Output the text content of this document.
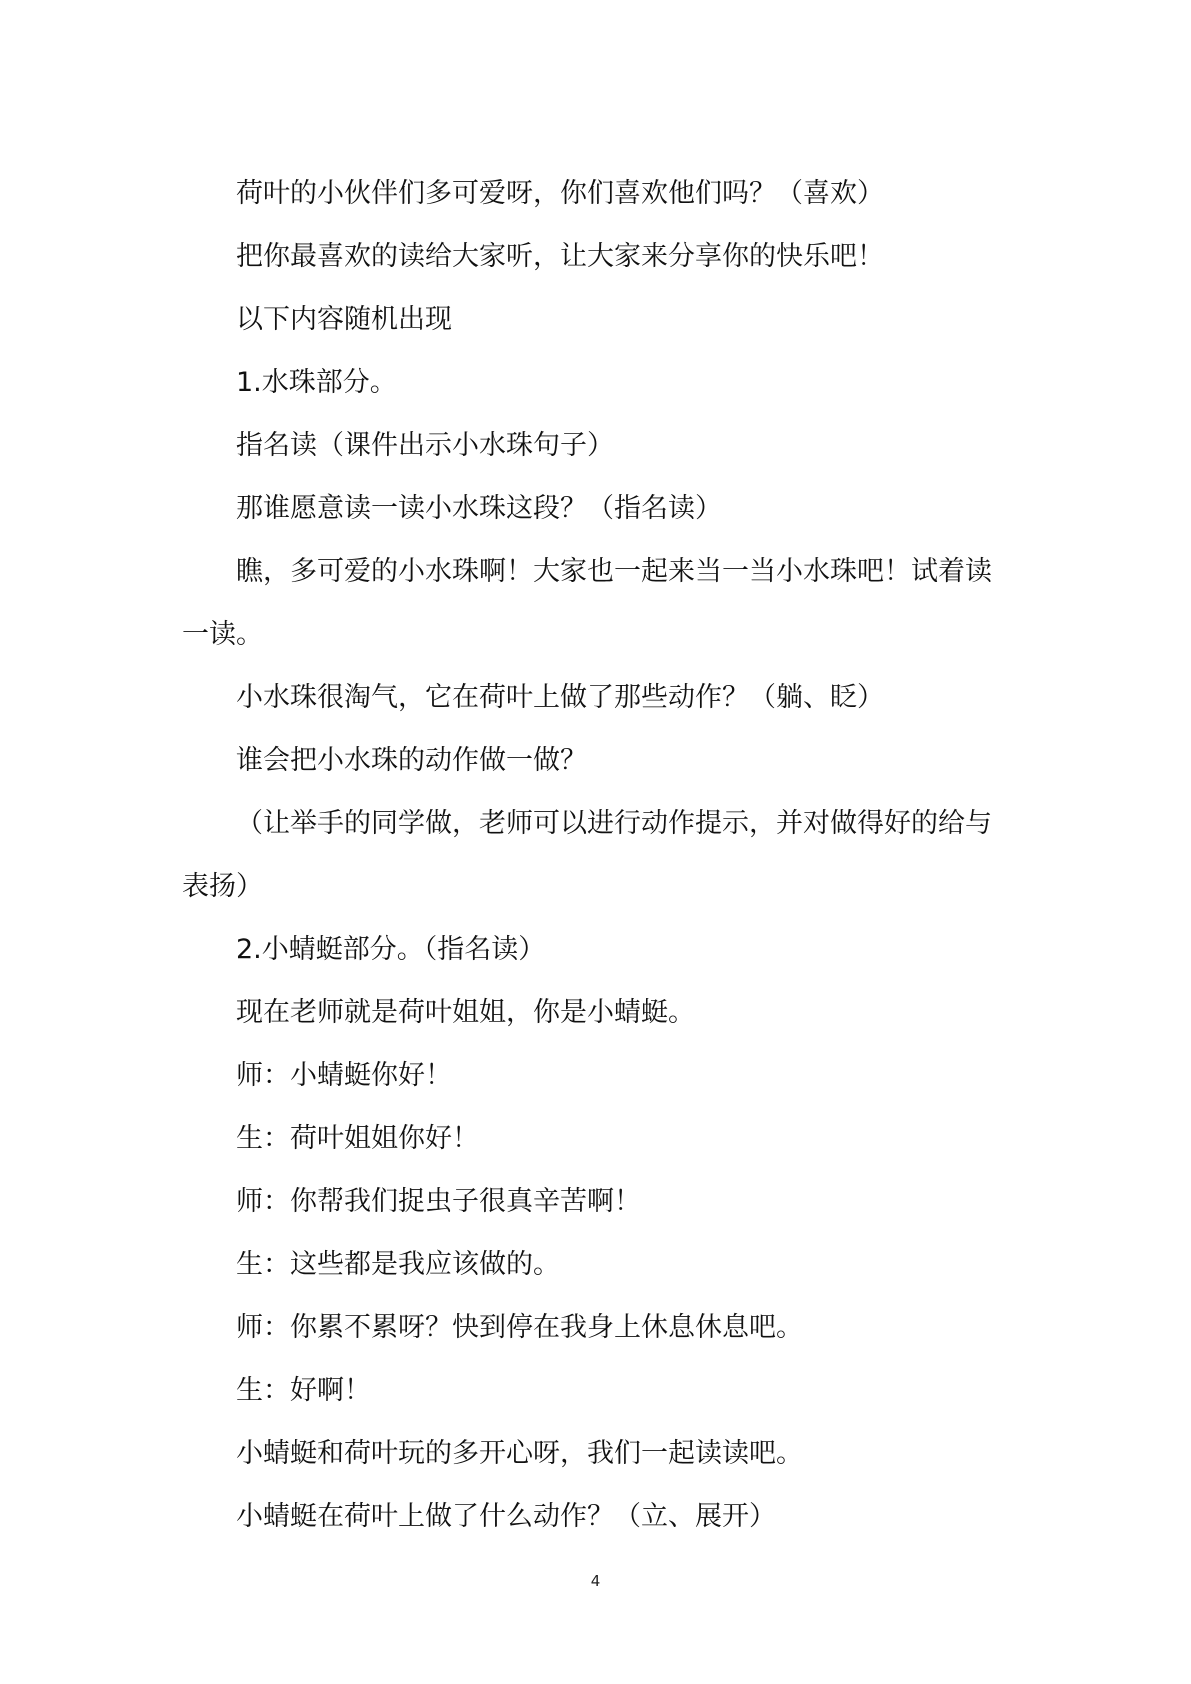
荷叶的小伙伴们多可爱呀，你们喜欢他们吗？（喜欢）

把你最喜欢的读给大家听，让大家来分享你的快乐吧！

以下内容随机出现

1.水珠部分。

指名读（课件出示小水珠句子）

那谁愿意读一读小水珠这段？（指名读）

瞧，多可爱的小水珠啊！大家也一起来当一当小水珠吧！试着读一读。

小水珠很淘气，它在荷叶上做了那些动作？（躺、眨）

谁会把小水珠的动作做一做？

（让举手的同学做，老师可以进行动作提示，并对做得好的给与表扬）

2.小蜻蜓部分。（指名读）

现在老师就是荷叶姐姐，你是小蜻蜓。

师：小蜻蜓你好！

生：荷叶姐姐你好！

师：你帮我们捉虫子很真辛苦啊！

生：这些都是我应该做的。

师：你累不累呀？快到停在我身上休息休息吧。

生：好啊！

小蜻蜓和荷叶玩的多开心呀，我们一起读读吧。

小蜻蜓在荷叶上做了什么动作？（立、展开）

4
